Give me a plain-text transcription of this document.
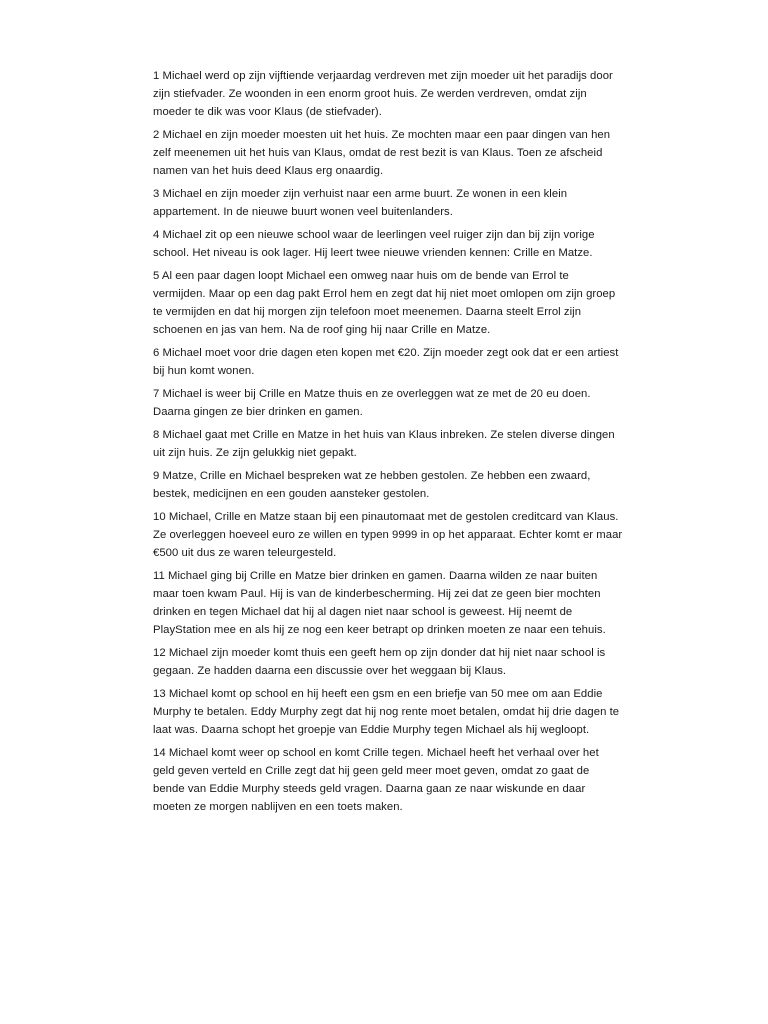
1 Michael werd op zijn vijftiende verjaardag verdreven met zijn moeder uit het paradijs door zijn stiefvader. Ze woonden in een enorm groot huis. Ze werden verdreven, omdat zijn moeder te dik was voor Klaus (de stiefvader).

2 Michael en zijn moeder moesten uit het huis. Ze mochten maar een paar dingen van hen zelf meenemen uit het huis van Klaus, omdat de rest bezit is van Klaus. Toen ze afscheid namen van het huis deed Klaus erg onaardig.

3 Michael en zijn moeder zijn verhuist naar een arme buurt. Ze wonen in een klein appartement. In de nieuwe buurt wonen veel buitenlanders.

4 Michael zit op een nieuwe school waar de leerlingen veel ruiger zijn dan bij zijn vorige school. Het niveau is ook lager. Hij leert twee nieuwe vrienden kennen: Crille en Matze.

5 Al een paar dagen loopt Michael een omweg naar huis om de bende van Errol te vermijden. Maar op een dag pakt Errol hem en zegt dat hij niet moet omlopen om zijn groep te vermijden en dat hij morgen zijn telefoon moet meenemen. Daarna steelt Errol zijn schoenen en jas van hem. Na de roof ging hij naar Crille en Matze.

6 Michael moet voor drie dagen eten kopen met €20. Zijn moeder zegt ook dat er een artiest bij hun komt wonen.

7 Michael is weer bij Crille en Matze thuis en ze overleggen wat ze met de 20 eu doen. Daarna gingen ze bier drinken en gamen.

8 Michael gaat met Crille en Matze in het huis van Klaus inbreken. Ze stelen diverse dingen uit zijn huis. Ze zijn gelukkig niet gepakt.

9 Matze, Crille en Michael bespreken wat ze hebben gestolen. Ze hebben een zwaard, bestek, medicijnen en een gouden aansteker gestolen.

10 Michael, Crille en Matze staan bij een pinautomaat met de gestolen creditcard van Klaus. Ze overleggen hoeveel euro ze willen en typen 9999 in op het apparaat. Echter komt er maar €500 uit dus ze waren teleurgesteld.

11 Michael ging bij Crille en Matze bier drinken en gamen. Daarna wilden ze naar buiten maar toen kwam Paul. Hij is van de kinderbescherming. Hij zei dat ze geen bier mochten drinken en tegen Michael dat hij al dagen niet naar school is geweest. Hij neemt de PlayStation mee en als hij ze nog een keer betrapt op drinken moeten ze naar een tehuis.

12 Michael zijn moeder komt thuis een geeft hem op zijn donder dat hij niet naar school is gegaan. Ze hadden daarna een discussie over het weggaan bij Klaus.

13 Michael komt op school en hij heeft een gsm en een briefje van 50 mee om aan Eddie Murphy te betalen. Eddy Murphy zegt dat hij nog rente moet betalen, omdat hij drie dagen te laat was. Daarna schopt het groepje van Eddie Murphy tegen Michael als hij wegloopt.

14 Michael komt weer op school en komt Crille tegen. Michael heeft het verhaal over het geld geven verteld en Crille zegt dat hij geen geld meer moet geven, omdat zo gaat de bende van Eddie Murphy steeds geld vragen. Daarna gaan ze naar wiskunde en daar moeten ze morgen nablijven en een toets maken.
